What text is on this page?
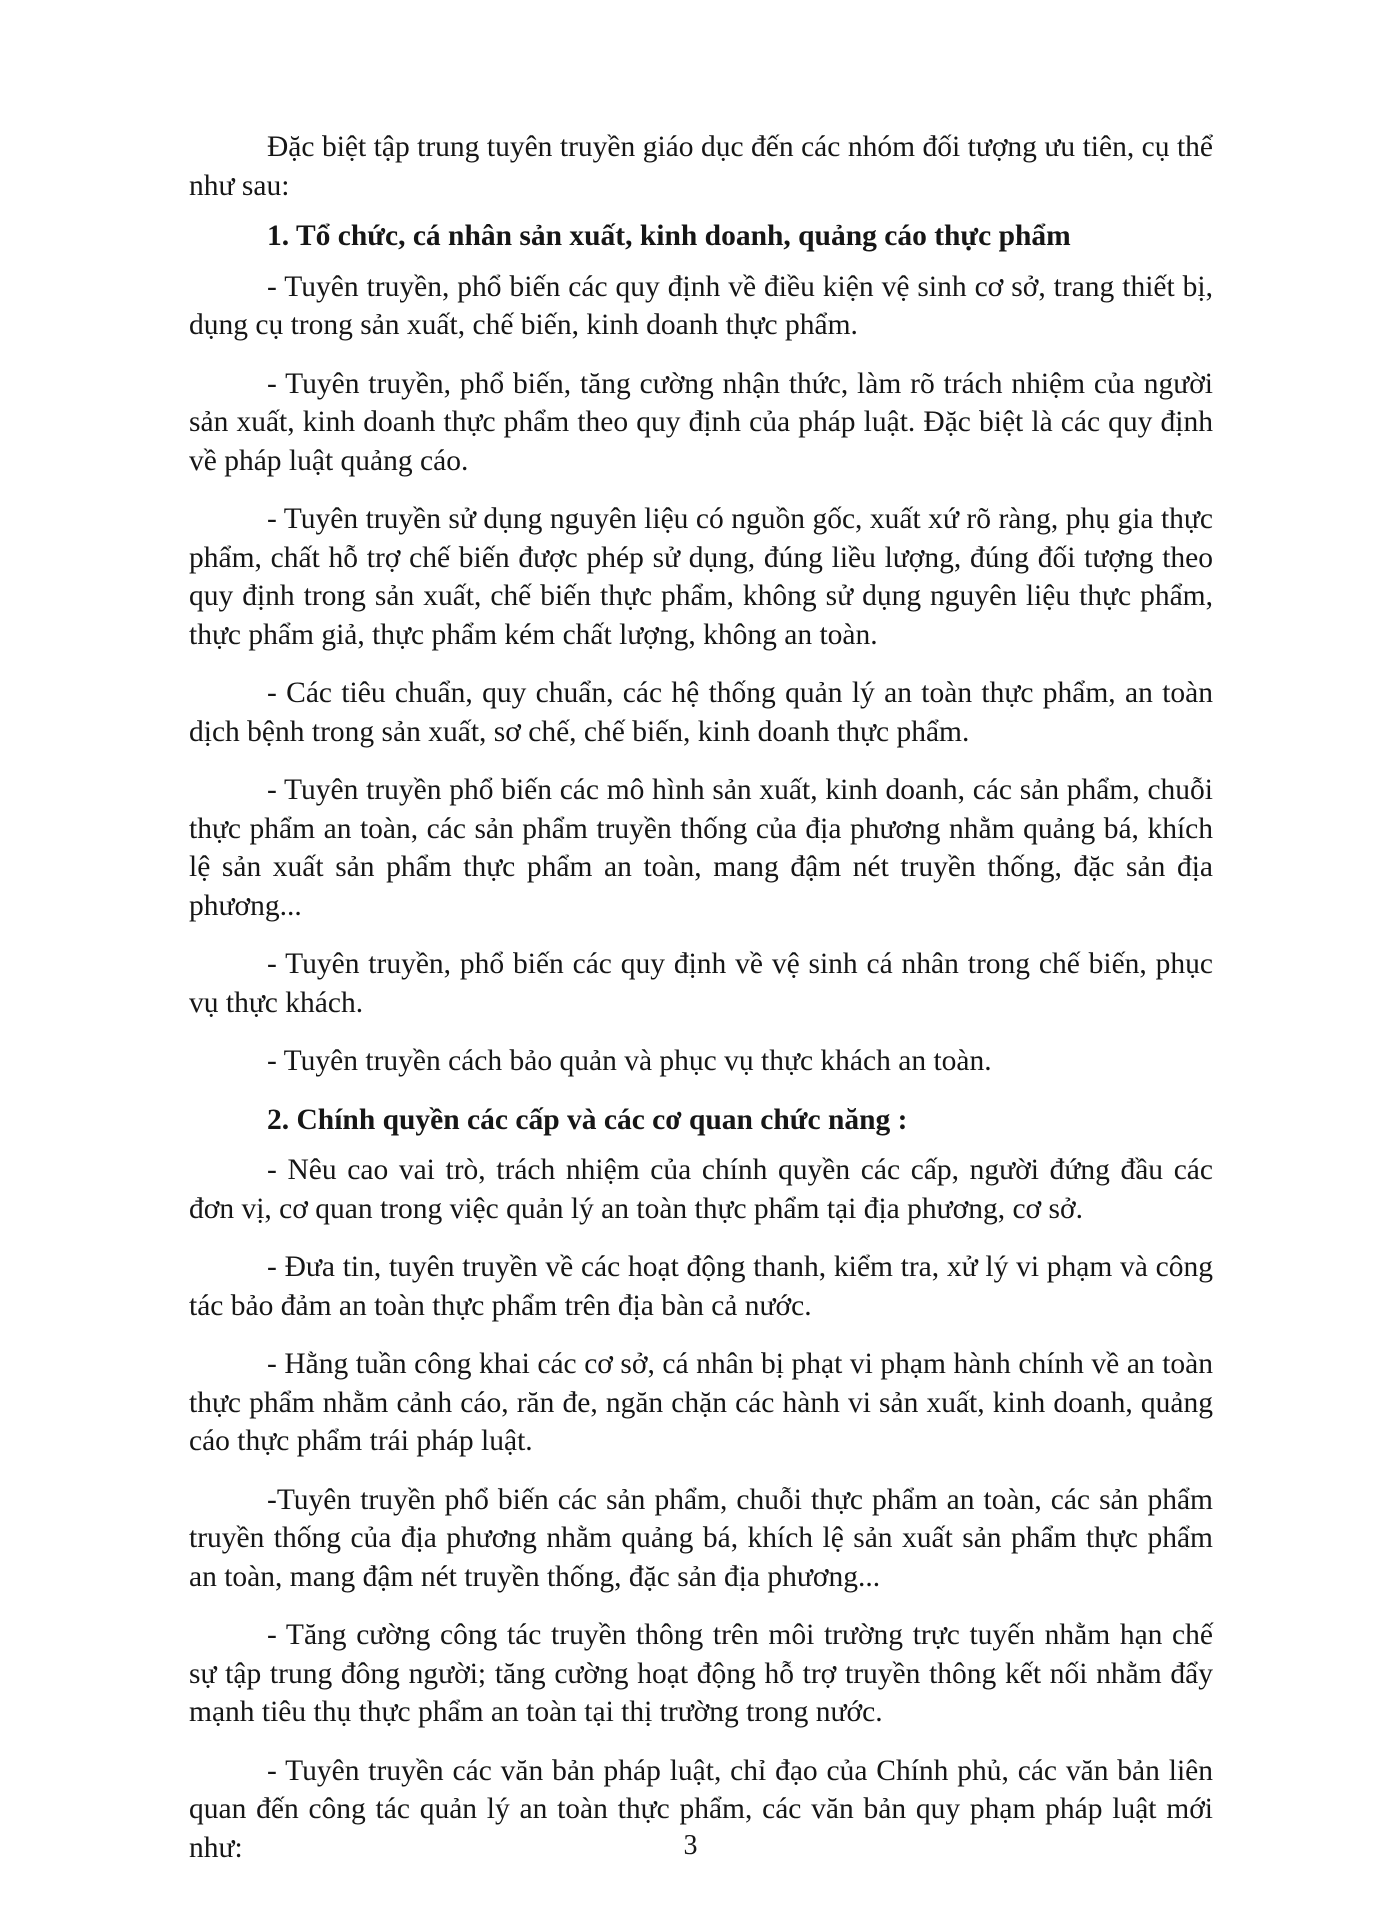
Đặc biệt tập trung tuyên truyền giáo dục đến các nhóm đối tượng ưu tiên, cụ thể như sau:

1. Tổ chức, cá nhân sản xuất, kinh doanh, quảng cáo thực phẩm

- Tuyên truyền, phổ biến các quy định về điều kiện vệ sinh cơ sở, trang thiết bị, dụng cụ trong sản xuất, chế biến, kinh doanh thực phẩm.

- Tuyên truyền, phổ biến, tăng cường nhận thức, làm rõ trách nhiệm của người sản xuất, kinh doanh thực phẩm theo quy định của pháp luật. Đặc biệt là các quy định về pháp luật quảng cáo.

- Tuyên truyền sử dụng nguyên liệu có nguồn gốc, xuất xứ rõ ràng, phụ gia thực phẩm, chất hỗ trợ chế biến được phép sử dụng, đúng liều lượng, đúng đối tượng theo quy định trong sản xuất, chế biến thực phẩm, không sử dụng nguyên liệu thực phẩm, thực phẩm giả, thực phẩm kém chất lượng, không an toàn.

- Các tiêu chuẩn, quy chuẩn, các hệ thống quản lý an toàn thực phẩm, an toàn dịch bệnh trong sản xuất, sơ chế, chế biến, kinh doanh thực phẩm.

- Tuyên truyền phổ biến các mô hình sản xuất, kinh doanh, các sản phẩm, chuỗi thực phẩm an toàn, các sản phẩm truyền thống của địa phương nhằm quảng bá, khích lệ sản xuất sản phẩm thực phẩm an toàn, mang đậm nét truyền thống, đặc sản địa phương...

- Tuyên truyền, phổ biến các quy định về vệ sinh cá nhân trong chế biến, phục vụ thực khách.

- Tuyên truyền cách bảo quản và phục vụ thực khách an toàn.

2. Chính quyền các cấp và các cơ quan chức năng :

- Nêu cao vai trò, trách nhiệm của chính quyền các cấp, người đứng đầu các đơn vị, cơ quan trong việc quản lý an toàn thực phẩm tại địa phương, cơ sở.

- Đưa tin, tuyên truyền về các hoạt động thanh, kiểm tra, xử lý vi phạm và công tác bảo đảm an toàn thực phẩm trên địa bàn cả nước.

- Hằng tuần công khai các cơ sở, cá nhân bị phạt vi phạm hành chính về an toàn thực phẩm nhằm cảnh cáo, răn đe, ngăn chặn các hành vi sản xuất, kinh doanh, quảng cáo thực phẩm trái pháp luật.

-Tuyên truyền phổ biến các sản phẩm, chuỗi thực phẩm an toàn, các sản phẩm truyền thống của địa phương nhằm quảng bá, khích lệ sản xuất sản phẩm thực phẩm an toàn, mang đậm nét truyền thống, đặc sản địa phương...

- Tăng cường công tác truyền thông trên môi trường trực tuyến nhằm hạn chế sự tập trung đông người; tăng cường hoạt động hỗ trợ truyền thông kết nối nhằm đẩy mạnh tiêu thụ thực phẩm an toàn tại thị trường trong nước.

- Tuyên truyền các văn bản pháp luật, chỉ đạo của Chính phủ, các văn bản liên quan đến công tác quản lý an toàn thực phẩm, các văn bản quy phạm pháp luật mới như:	3
